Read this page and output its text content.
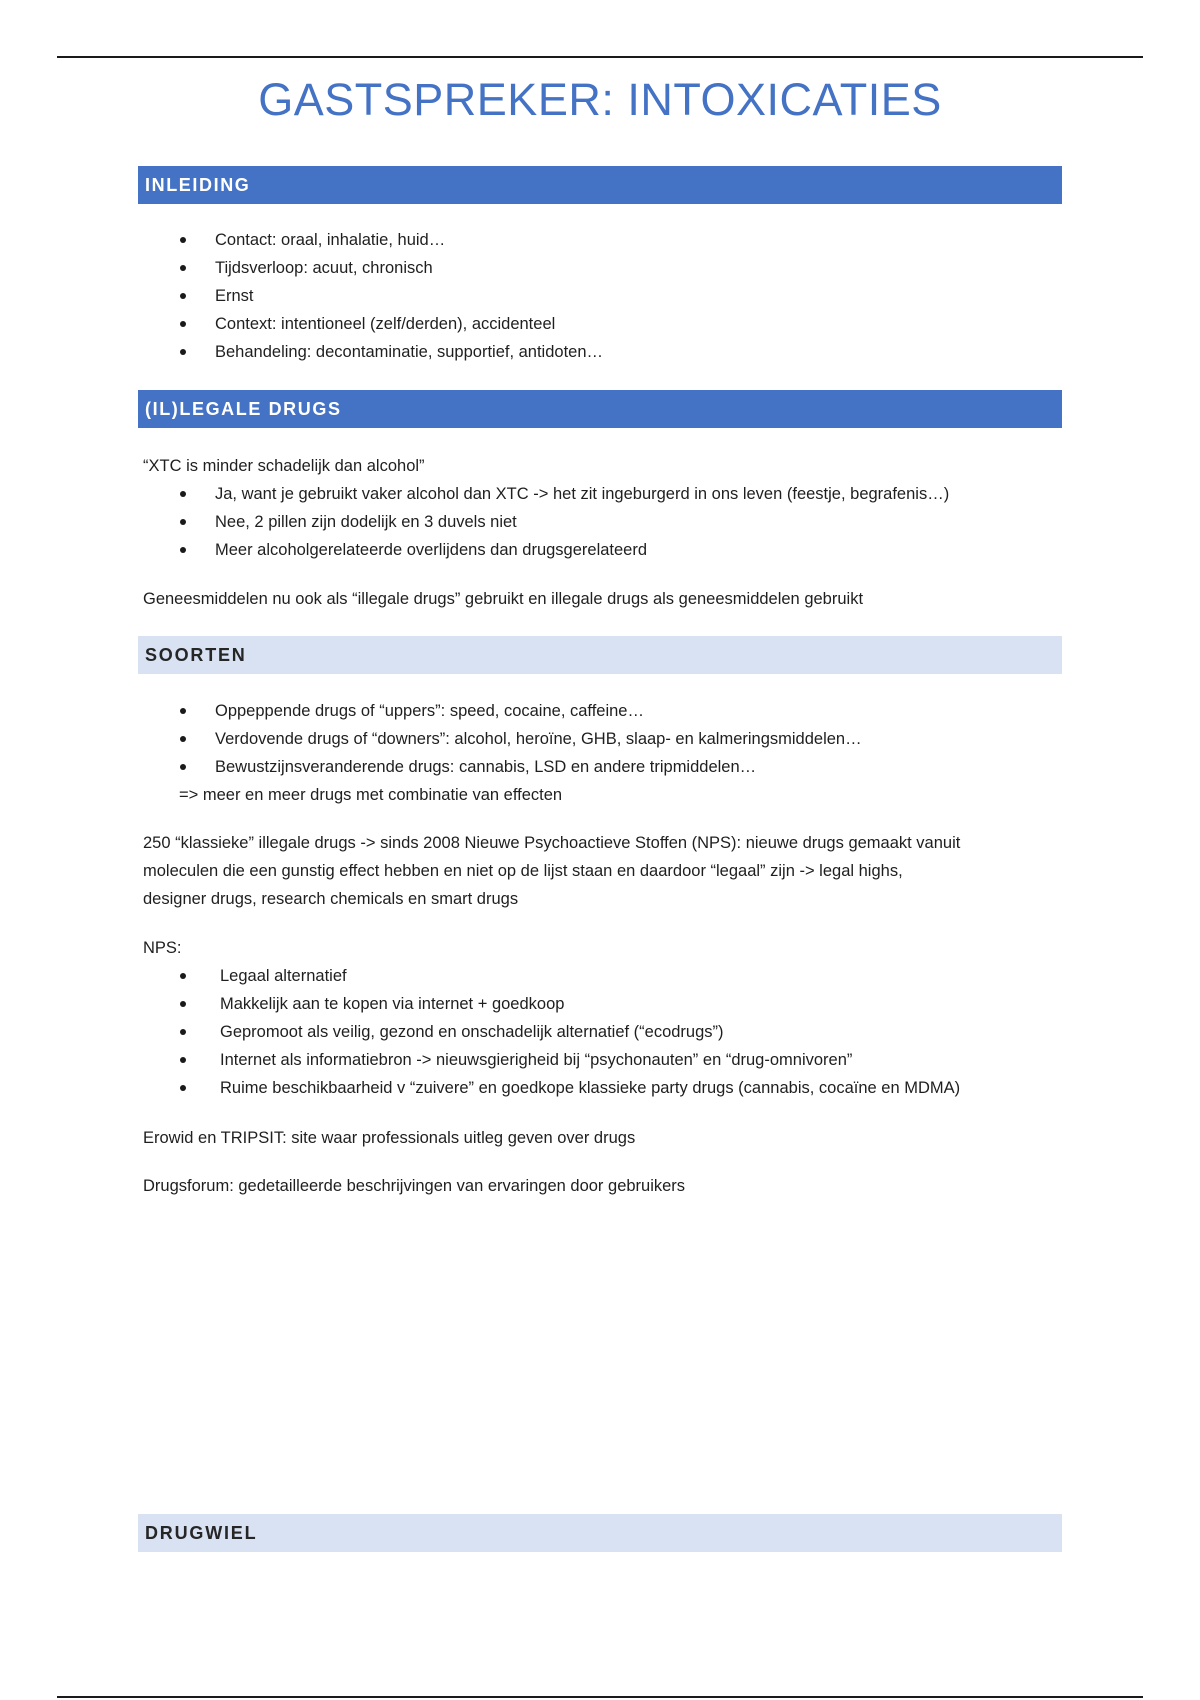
GASTSPREKER: INTOXICATIES
INLEIDING
Contact: oraal, inhalatie, huid…
Tijdsverloop: acuut, chronisch
Ernst
Context: intentioneel (zelf/derden), accidenteel
Behandeling: decontaminatie, supportief, antidoten…
(IL)LEGALE DRUGS

“XTC is minder schadelijk dan alcohol”

Ja, want je gebruikt vaker alcohol dan XTC -> het zit ingeburgerd in ons leven (feestje, begrafenis…)
Nee, 2 pillen zijn dodelijk en 3 duvels niet
Meer alcoholgerelateerde overlijdens dan drugsgerelateerd

Geneesmiddelen nu ook als “illegale drugs” gebruikt en illegale drugs als geneesmiddelen gebruikt

SOORTEN
Oppeppende drugs of “uppers”: speed, cocaine, caffeine…
Verdovende drugs of “downers”: alcohol, heroïne, GHB, slaap- en kalmeringsmiddelen…
Bewustzijnsveranderende drugs: cannabis, LSD en andere tripmiddelen…

=> meer en meer drugs met combinatie van effecten

250 “klassieke” illegale drugs -> sinds 2008 Nieuwe Psychoactieve Stoffen (NPS): nieuwe drugs gemaakt vanuit

moleculen die een gunstig effect hebben en niet op de lijst staan en daardoor “legaal” zijn -> legal highs,

designer drugs, research chemicals en smart drugs

NPS:

Legaal alternatief
Makkelijk aan te kopen via internet + goedkoop
Gepromoot als veilig, gezond en onschadelijk alternatief (“ecodrugs”)
Internet als informatiebron -> nieuwsgierigheid bij “psychonauten” en “drug-omnivoren”
Ruime beschikbaarheid v “zuivere” en goedkope klassieke party drugs (cannabis, cocaïne en MDMA)

Erowid en TRIPSIT: site waar professionals uitleg geven over drugs

Drugsforum: gedetailleerde beschrijvingen van ervaringen door gebruikers

DRUGWIEL
